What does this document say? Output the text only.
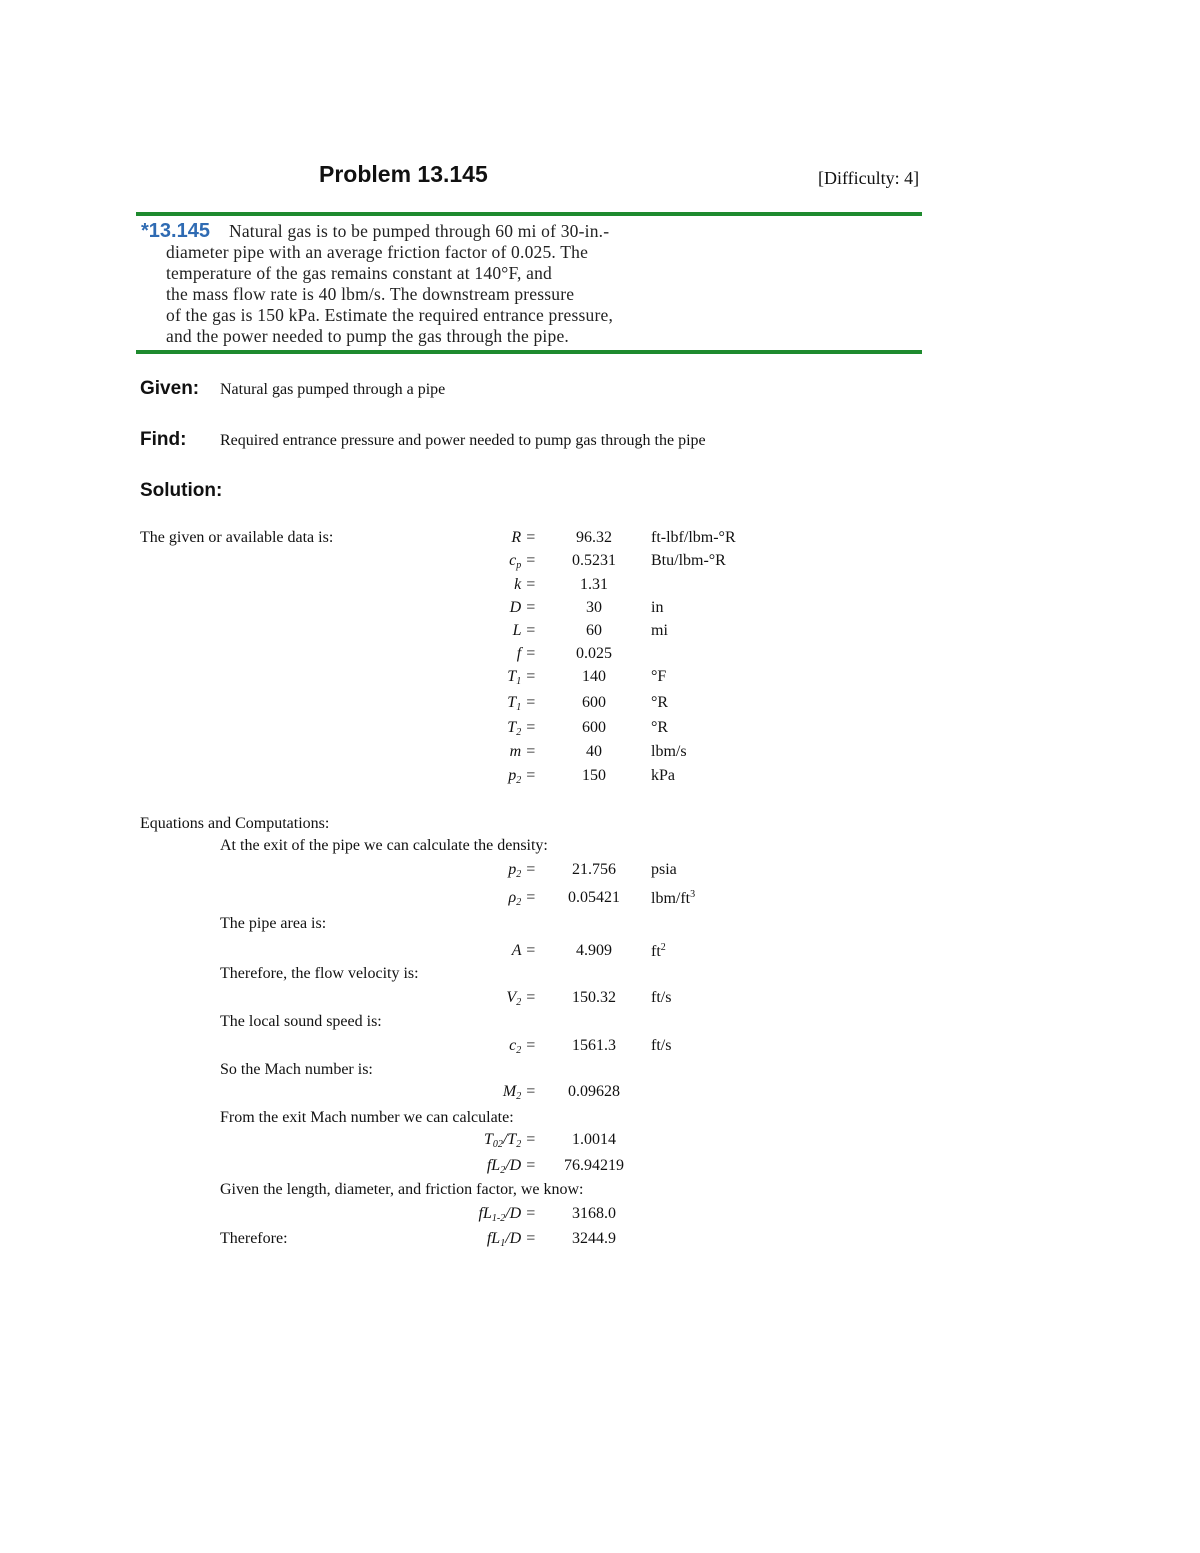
Problem 13.145	[Difficulty: 4]
*13.145 Natural gas is to be pumped through 60 mi of 30-in.-
diameter pipe with an average friction factor of 0.025. The
temperature of the gas remains constant at 140°F, and
the mass flow rate is 40 lbm/s. The downstream pressure
of the gas is 150 kPa. Estimate the required entrance pressure,
and the power needed to pump the gas through the pipe.
Given: Natural gas pumped through a pipe
Find: Required entrance pressure and power needed to pump gas through the pipe
Solution:
The given or available data is:	R =	96.32	ft-lbf/lbm-°R
$c_p$ =	0.5231	Btu/lbm-°R
k =	1.31
D =	30	in
L =	60	mi
f =	0.025
$T_1$ =	140	°F
$T_1$ =	600	°R
$T_2$ =	600	°R
m =	40	lbm/s
$p_2$ =	150	kPa
Equations and Computations:
At the exit of the pipe we can calculate the density:
The pipe area is:
Therefore, the flow velocity is:
The local sound speed is:
So the Mach number is:
From the exit Mach number we can calculate:
Given the length, diameter, and friction factor, we know:
Therefore:
$p_2$ =	21.756	psia
$\rho_2$ =	0.05421	lbm/$ft^3$
A =	4.909	$ft^2$
$V_2$ =	150.32	ft/s
$c_2$ =	1561.3	ft/s
$M_2$ =	0.09628
$T_{02}/T_2$ =	1.0014
$fL_2/D$ =	76.94219
$fL_{1-2}/D$ =	3168.0
$fL_1/D$ =	3244.9
